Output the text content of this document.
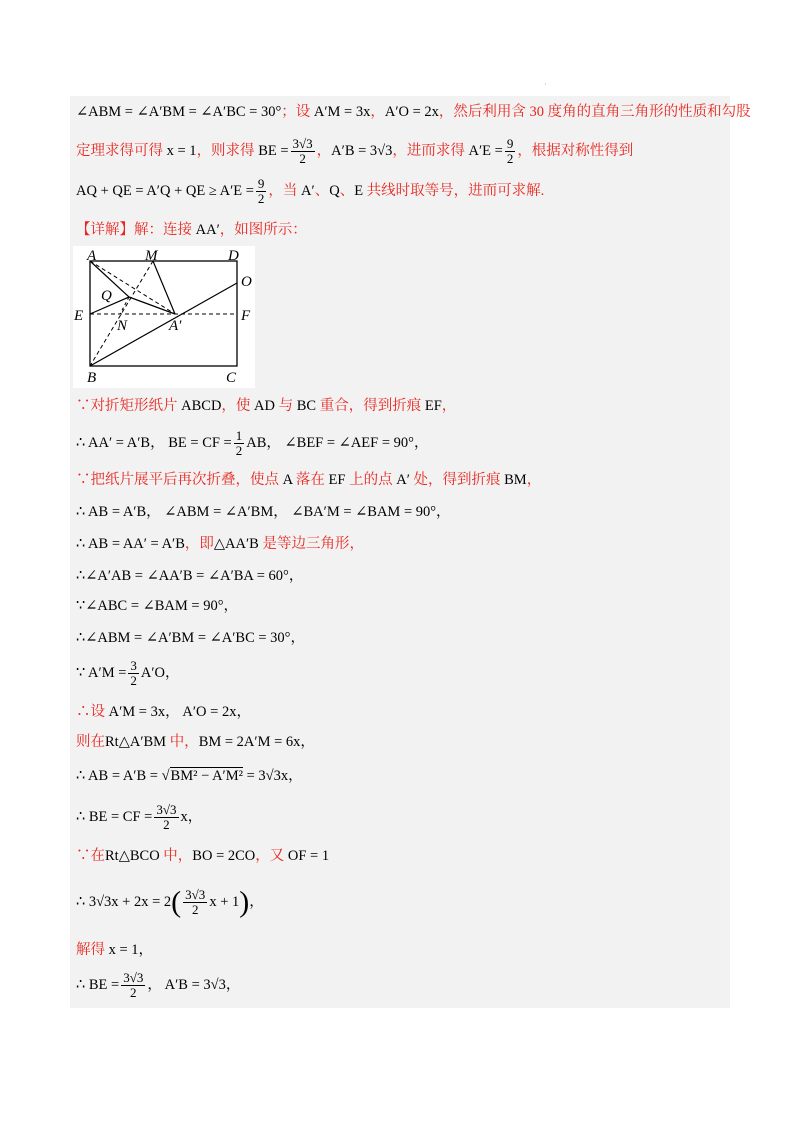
·
∠ABM = ∠A′BM = ∠A′BC = 30°；设 A′M = 3x，A′O = 2x，然后利用含 30 度角的直角三角形的性质和勾股
定理求得可得 x = 1，则求得 BE = $\frac{3√3}{2}$ ，A′B = 3√3，进而求得 $A'E = \frac{9}{2}$ ，根据对称性得到
AQ + QE = A′Q + QE ≥ $A'E = \frac{9}{2}$ ，当 A′、Q、E 共线时取等号，进而可求解.
【详解】解：连接 AA′，如图所示：
A	M	D
O
Q
E
N	A′
F
B	C
∵对折矩形纸片 ABCD，使 AD 与 BC 重合，得到折痕 EF，
∴ AA′ = A′B， BE = CF = $\frac{1}{2}$ AB， ∠BEF = ∠AEF = 90°，
∵把纸片展平后再次折叠，使点 A 落在 EF 上的点 A′ 处，得到折痕 BM，
∴ AB = A′B， ∠ABM = ∠A′BM， ∠BA′M = ∠BAM = 90°，
∴ AB = AA′ = A′B，即△AA′B 是等边三角形，
∴∠A′AB = ∠AA′B = ∠A′BA = 60°，
∵∠ABC = ∠BAM = 90°，
∴∠ABM = ∠A′BM = ∠A′BC = 30°，
∵ $A'M = \frac{3}{2} A'O$，
∴设 A′M = 3x， A′O = 2x，
则在Rt△A′BM 中，BM = 2A′M = 6x，
∴ AB = A′B = √BM² − A′M² = 3√3x，
∴ BE = CF = $\frac{3√3}{2}$ x，
∵在Rt△BCO 中，BO = 2CO，又 OF = 1
∴ $3√3x + 2x = 2( \frac{3√3}{2}$ x + 1)，
解得 x = 1，
∴ BE = $\frac{3√3}{2}$ ， A′B = 3√3，
